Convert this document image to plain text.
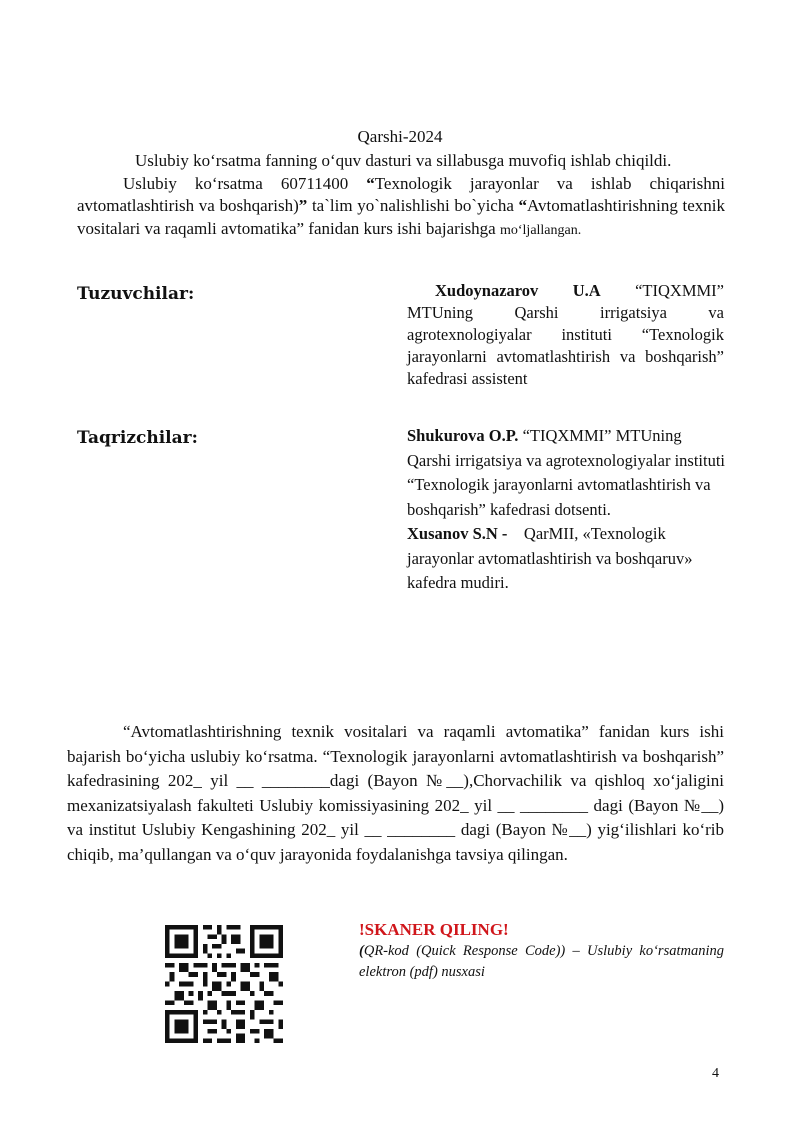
Qarshi-2024

Uslubiy ko‘rsatma fanning o‘quv dasturi va sillabusga muvofiq ishlab chiqildi.

Uslubiy ko‘rsatma 60711400 “Texnologik jarayonlar va ishlab chiqarishni avtomatlashtirish va boshqarish)” ta`lim yo`nalishlishi bo`yicha “Avtomatlashtirishning texnik vositalari va raqamli avtomatika” fanidan kurs ishi bajarishga mo‘ljallangan.

Tuzuvchilar:	Xudoynazarov U.A “TIQXMMI” MTUning Qarshi irrigatsiya va agrotexnologiyalar instituti “Texnologik jarayonlarni avtomatlashtirish va boshqarish” kafedrasi assistent

Taqrizchilar:	Shukurova O.P. “TIQXMMI” MTUning Qarshi irrigatsiya va agrotexnologiyalar instituti “Texnologik jarayonlarni avtomatlashtirish va boshqarish” kafedrasi dotsenti.

Xusanov S.N -    QarMII, «Texnologik jarayonlar avtomatlashtirish va boshqaruv» kafedra mudiri.

“Avtomatlashtirishning texnik vositalari va raqamli avtomatika” fanidan kurs ishi bajarish bo‘yicha uslubiy ko‘rsatma. “Texnologik jarayonlarni avtomatlashtirish va boshqarish” kafedrasining 202_ yil __ ________dagi (Bayon №__),Chorvachilik va qishloq xo‘jaligini mexanizatsiyalash fakulteti Uslubiy komissiyasining 202_ yil __ ________ dagi (Bayon №__) va institut Uslubiy Kengashining 202_ yil __ ________ dagi (Bayon №__) yig‘ilishlari ko‘rib chiqib, ma’qullangan va o‘quv jarayonida foydalanishga tavsiya qilingan.

!SKANER QILING!

(QR-kod (Quick Response Code)) – Uslubiy ko‘rsatmaning elektron (pdf) nusxasi

4
